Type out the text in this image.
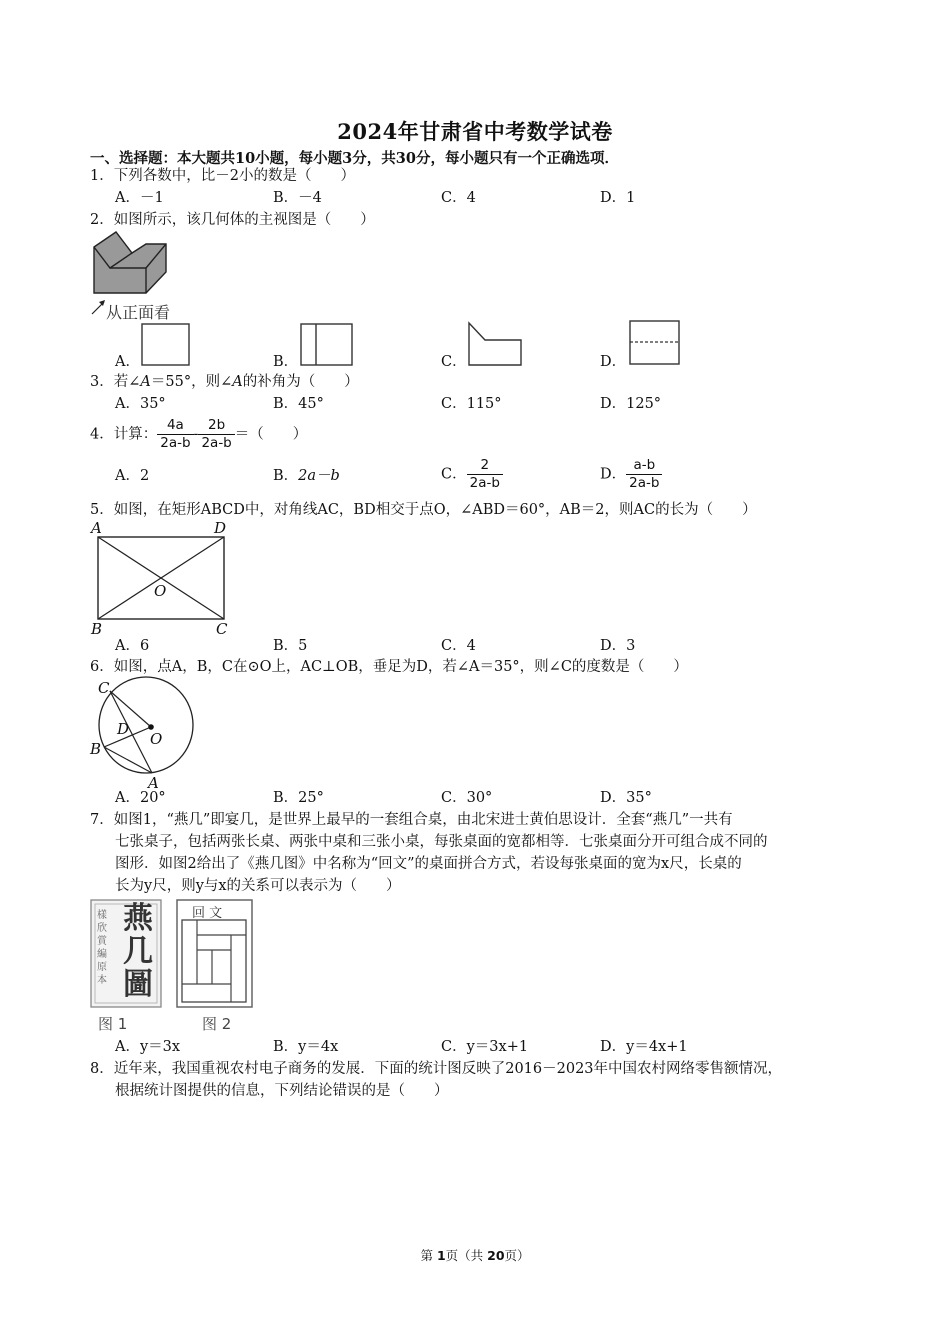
2024年甘肃省中考数学试卷
一、选择题：本大题共10小题，每小题3分，共30分，每小题只有一个正确选项．
1．下列各数中，比－2小的数是（　　）
A．－1	B．－4	C．4	D．1
2．如图所示，该几何体的主视图是（　　）
从正面看
A．	B．	C．	D．
3．若∠A＝55°，则∠A的补角为（　　）
A．35°	B．45°	C．115°	D．125°
4．计算： $\frac{4a}{2a-b} - \frac{2b}{2a-b}$ ＝（　　）
A．2	B．2a－b	C． $\frac{2}{2a-b}$	D． $\frac{a-b}{2a-b}$
5．如图，在矩形ABCD中，对角线AC，BD相交于点O，∠ABD＝60°，AB＝2，则AC的长为（　　）
A	D
O
B	C
A．6	B．5	C．4	D．3
6．如图，点A，B，C在⊙O上，AC⊥OB，垂足为D，若∠A＝35°，则∠C的度数是（　　）
C
D
O
B
A
A．20°	B．25°	C．30°	D．35°
7．如图1，“燕几”即宴几，是世界上最早的一套组合桌，由北宋进士黄伯思设计．全套“燕几”一共有
七张桌子，包括两张长桌、两张中桌和三张小桌，每张桌面的宽都相等．七张桌面分开可组合成不同的
图形．如图2给出了《燕几图》中名称为“回文”的桌面拼合方式，若设每张桌面的宽为x尺，长桌的
长为y尺，则y与x的关系可以表示为（　　）
樣欣賞編原本
燕
几
圖
回 文
图 1	图 2
A．y＝3x	B．y＝4x	C．y＝3x+1	D．y＝4x+1
8．近年来，我国重视农村电子商务的发展．下面的统计图反映了2016－2023年中国农村网络零售额情况，
根据统计图提供的信息，下列结论错误的是（　　）
第 1页（共 20页）
